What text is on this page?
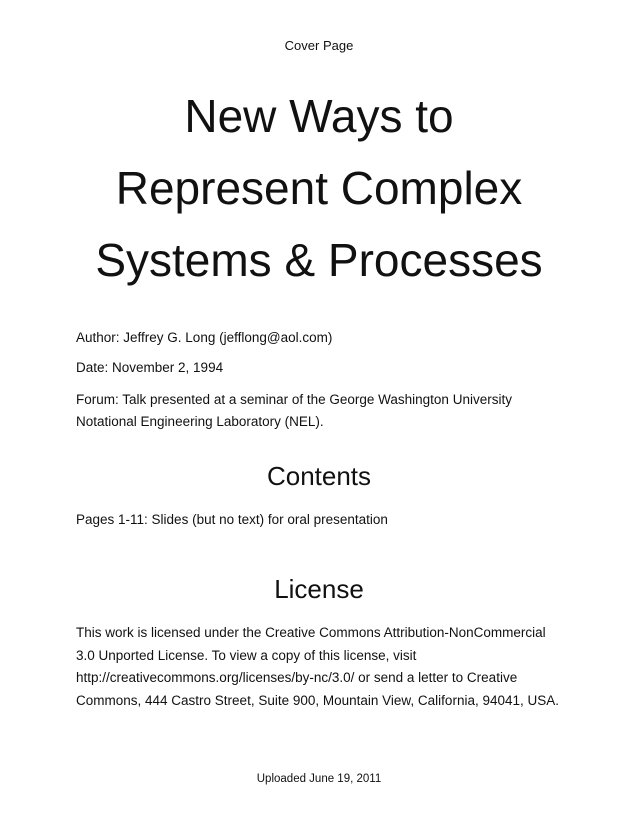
Cover Page
New Ways to
Represent Complex
Systems & Processes

Author: Jeffrey G. Long (jefflong@aol.com)

Date: November 2, 1994

Forum: Talk presented at a seminar of the George Washington University Notational Engineering Laboratory (NEL).

Contents

Pages 1-11: Slides (but no text) for oral presentation

License

This work is licensed under the Creative Commons Attribution-NonCommercial 3.0 Unported License. To view a copy of this license, visit http://creativecommons.org/licenses/by-nc/3.0/ or send a letter to Creative Commons, 444 Castro Street, Suite 900, Mountain View, California, 94041, USA.

Uploaded June 19, 2011
